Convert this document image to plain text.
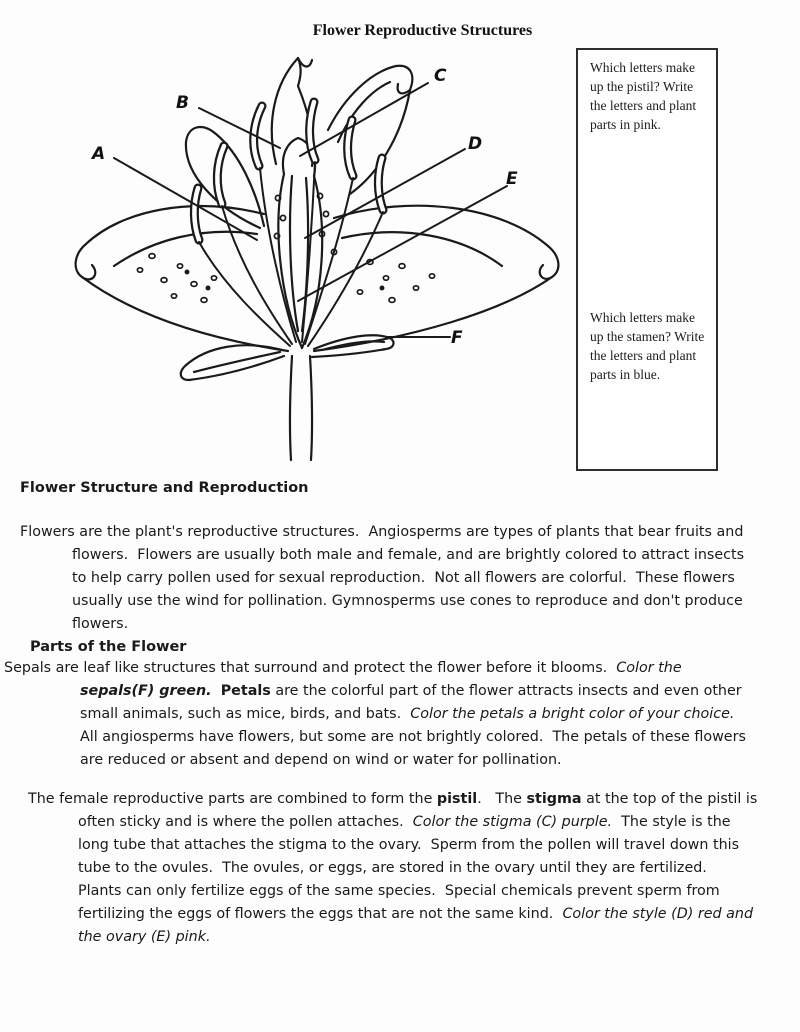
Flower Reproductive Structures
A
B
C
D
E
F

Which letters make up the pistil? Write the letters and plant parts in pink.

Which letters make up the stamen? Write the letters and plant parts in blue.

Flower Structure and Reproduction
Flowers are the plant's reproductive structures.  Angiosperms are types of plants that bear fruits and flowers.  Flowers are usually both male and female, and are brightly colored to attract insects to help carry pollen used for sexual reproduction.  Not all flowers are colorful.  These flowers usually use the wind for pollination. Gymnosperms use cones to reproduce and don't produce flowers.
Parts of the Flower
Sepals are leaf like structures that surround and protect the flower before it blooms.  Color the sepals(F) green. Petals are the colorful part of the flower attracts insects and even other small animals, such as mice, birds, and bats.  Color the petals a bright color of your choice.  All angiosperms have flowers, but some are not brightly colored.  The petals of these flowers are reduced or absent and depend on wind or water for pollination.
The female reproductive parts are combined to form the pistil.   The stigma at the top of the pistil is often sticky and is where the pollen attaches.  Color the stigma (C) purple.  The style is the long tube that attaches the stigma to the ovary.  Sperm from the pollen will travel down this tube to the ovules.  The ovules, or eggs, are stored in the ovary until they are fertilized.  Plants can only fertilize eggs of the same species.  Special chemicals prevent sperm from fertilizing the eggs of flowers the eggs that are not the same kind.  Color the style (D) red and the ovary (E) pink.
